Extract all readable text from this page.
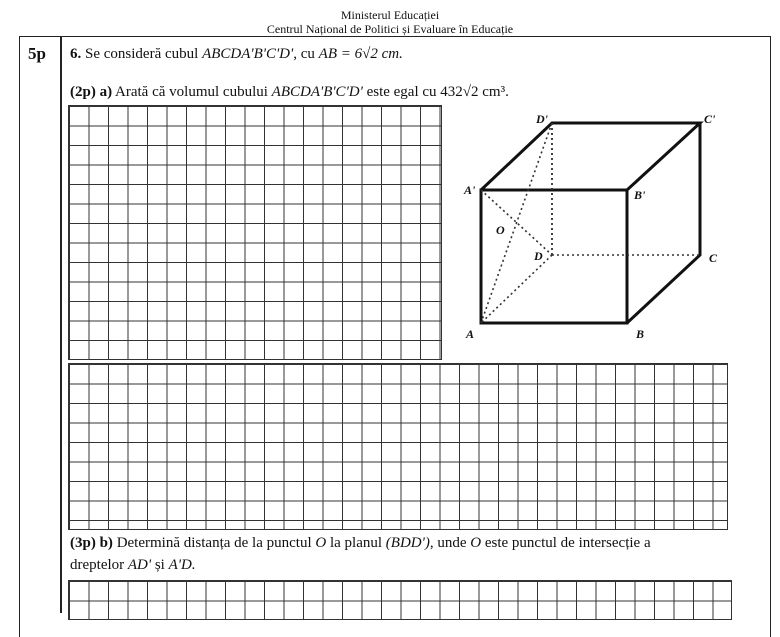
Ministerul Educației
Centrul Național de Politici și Evaluare în Educație
5p 6. Se consideră cubul ABCDA'B'C'D', cu AB = 6√2 cm.
(2p) a) Arată că volumul cubului ABCDA'B'C'D' este egal cu 432√2 cm³.
D'	C'
A'	B'
O
D	C
A	B
(3p) b) Determină distanța de la punctul O la planul (BDD'), unde O este punctul de intersecție a
dreptelor AD' și A'D.
